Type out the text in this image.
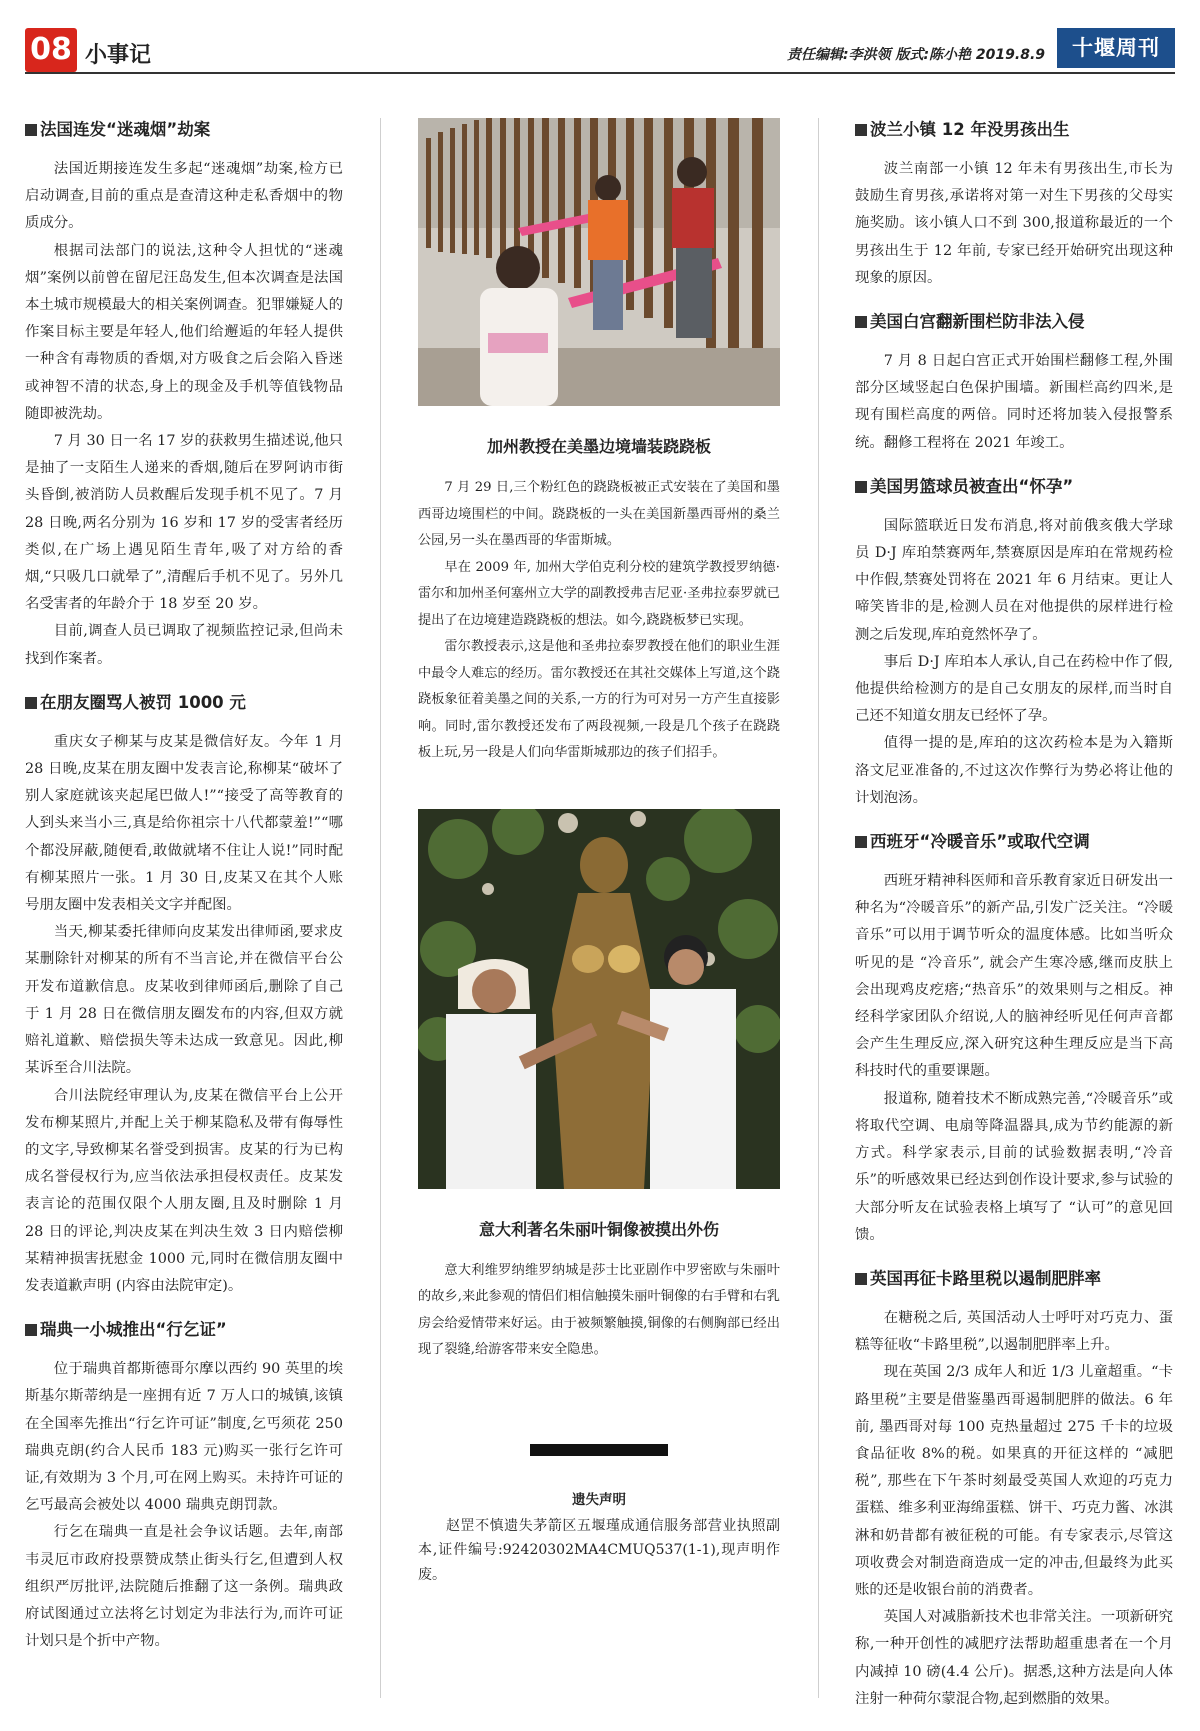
08 小事记	责任编辑:李洪领 版式:陈小艳 2019.8.9	十堰周刊
法国连发“迷魂烟”劫案

法国近期接连发生多起“迷魂烟”劫案,检方已启动调查,目前的重点是查清这种走私香烟中的物质成分。

根据司法部门的说法,这种令人担忧的“迷魂烟”案例以前曾在留尼汪岛发生,但本次调查是法国本土城市规模最大的相关案例调查。犯罪嫌疑人的作案目标主要是年轻人,他们给邂逅的年轻人提供一种含有毒物质的香烟,对方吸食之后会陷入昏迷或神智不清的状态,身上的现金及手机等值钱物品随即被洗劫。

7 月 30 日一名 17 岁的获救男生描述说,他只是抽了一支陌生人递来的香烟,随后在罗阿讷市街头昏倒,被消防人员救醒后发现手机不见了。7 月 28 日晚,两名分别为 16 岁和 17 岁的受害者经历类似,在广场上遇见陌生青年,吸了对方给的香烟,“只吸几口就晕了”,清醒后手机不见了。另外几名受害者的年龄介于 18 岁至 20 岁。

目前,调查人员已调取了视频监控记录,但尚未找到作案者。

在朋友圈骂人被罚 1000 元

重庆女子柳某与皮某是微信好友。今年 1 月 28 日晚,皮某在朋友圈中发表言论,称柳某“破坏了别人家庭就该夹起尾巴做人!”“接受了高等教育的人到头来当小三,真是给你祖宗十八代都蒙羞!”“哪个都没屏蔽,随便看,敢做就堵不住让人说!”同时配有柳某照片一张。1 月 30 日,皮某又在其个人账号朋友圈中发表相关文字并配图。

当天,柳某委托律师向皮某发出律师函,要求皮某删除针对柳某的所有不当言论,并在微信平台公开发布道歉信息。皮某收到律师函后,删除了自己于 1 月 28 日在微信朋友圈发布的内容,但双方就赔礼道歉、赔偿损失等未达成一致意见。因此,柳某诉至合川法院。

合川法院经审理认为,皮某在微信平台上公开发布柳某照片,并配上关于柳某隐私及带有侮辱性的文字,导致柳某名誉受到损害。皮某的行为已构成名誉侵权行为,应当依法承担侵权责任。皮某发表言论的范围仅限个人朋友圈,且及时删除 1 月 28 日的评论,判决皮某在判决生效 3 日内赔偿柳某精神损害抚慰金 1000 元,同时在微信朋友圈中发表道歉声明 (内容由法院审定)。

瑞典一小城推出“行乞证”

位于瑞典首都斯德哥尔摩以西约 90 英里的埃斯基尔斯蒂纳是一座拥有近 7 万人口的城镇,该镇在全国率先推出“行乞许可证”制度,乞丐须花 250 瑞典克朗(约合人民币 183 元)购买一张行乞许可证,有效期为 3 个月,可在网上购买。未持许可证的乞丐最高会被处以 4000 瑞典克朗罚款。

行乞在瑞典一直是社会争议话题。去年,南部韦灵厄市政府投票赞成禁止街头行乞,但遭到人权组织严厉批评,法院随后推翻了这一条例。瑞典政府试图通过立法将乞讨划定为非法行为,而许可证计划只是个折中产物。

加州教授在美墨边境墙装跷跷板

7 月 29 日,三个粉红色的跷跷板被正式安装在了美国和墨西哥边境围栏的中间。跷跷板的一头在美国新墨西哥州的桑兰公园,另一头在墨西哥的华雷斯城。

早在 2009 年, 加州大学伯克利分校的建筑学教授罗纳德·雷尔和加州圣何塞州立大学的副教授弗吉尼亚·圣弗拉泰罗就已提出了在边境建造跷跷板的想法。如今,跷跷板梦已实现。

雷尔教授表示,这是他和圣弗拉泰罗教授在他们的职业生涯中最令人难忘的经历。雷尔教授还在其社交媒体上写道,这个跷跷板象征着美墨之间的关系,一方的行为可对另一方产生直接影响。同时,雷尔教授还发布了两段视频,一段是几个孩子在跷跷板上玩,另一段是人们向华雷斯城那边的孩子们招手。

意大利著名朱丽叶铜像被摸出外伤

意大利维罗纳维罗纳城是莎士比亚剧作中罗密欧与朱丽叶的故乡,来此参观的情侣们相信触摸朱丽叶铜像的右手臂和右乳房会给爱情带来好运。由于被频繁触摸,铜像的右侧胸部已经出现了裂缝,给游客带来安全隐患。

遗失声明

赵罡不慎遗失茅箭区五堰瑾成通信服务部营业执照副本,证件编号:92420302MA4CMUQ537(1-1),现声明作废。

波兰小镇 12 年没男孩出生

波兰南部一小镇 12 年未有男孩出生,市长为鼓励生育男孩,承诺将对第一对生下男孩的父母实施奖励。该小镇人口不到 300,报道称最近的一个男孩出生于 12 年前, 专家已经开始研究出现这种现象的原因。

美国白宫翻新围栏防非法入侵

7 月 8 日起白宫正式开始围栏翻修工程,外围部分区域竖起白色保护围墙。新围栏高约四米,是现有围栏高度的两倍。同时还将加装入侵报警系统。翻修工程将在 2021 年竣工。

美国男篮球员被查出“怀孕”

国际篮联近日发布消息,将对前俄亥俄大学球员 D·J 库珀禁赛两年,禁赛原因是库珀在常规药检中作假,禁赛处罚将在 2021 年 6 月结束。更让人啼笑皆非的是,检测人员在对他提供的尿样进行检测之后发现,库珀竟然怀孕了。

事后 D·J 库珀本人承认,自己在药检中作了假, 他提供给检测方的是自己女朋友的尿样,而当时自己还不知道女朋友已经怀了孕。

值得一提的是,库珀的这次药检本是为入籍斯洛文尼亚准备的,不过这次作弊行为势必将让他的计划泡汤。

西班牙“冷暖音乐”或取代空调

西班牙精神科医师和音乐教育家近日研发出一种名为“冷暖音乐”的新产品,引发广泛关注。“冷暖音乐”可以用于调节听众的温度体感。比如当听众听见的是 “冷音乐”, 就会产生寒冷感,继而皮肤上会出现鸡皮疙瘩;“热音乐”的效果则与之相反。神经科学家团队介绍说,人的脑神经听见任何声音都会产生生理反应,深入研究这种生理反应是当下高科技时代的重要课题。

报道称, 随着技术不断成熟完善,“冷暖音乐”或将取代空调、电扇等降温器具,成为节约能源的新方式。科学家表示,目前的试验数据表明,“冷音乐”的听感效果已经达到创作设计要求,参与试验的大部分听友在试验表格上填写了 “认可”的意见回馈。

英国再征卡路里税以遏制肥胖率

在糖税之后, 英国活动人士呼吁对巧克力、蛋糕等征收“卡路里税”,以遏制肥胖率上升。

现在英国 2/3 成年人和近 1/3 儿童超重。“卡路里税”主要是借鉴墨西哥遏制肥胖的做法。6 年前, 墨西哥对每 100 克热量超过 275 千卡的垃圾食品征收 8%的税。如果真的开征这样的 “减肥税”, 那些在下午茶时刻最受英国人欢迎的巧克力蛋糕、维多利亚海绵蛋糕、饼干、巧克力酱、冰淇淋和奶昔都有被征税的可能。有专家表示,尽管这项收费会对制造商造成一定的冲击,但最终为此买账的还是收银台前的消费者。

英国人对减脂新技术也非常关注。一项新研究称,一种开创性的减肥疗法帮助超重患者在一个月内减掉 10 磅(4.4 公斤)。据悉,这种方法是向人体注射一种荷尔蒙混合物,起到燃脂的效果。
